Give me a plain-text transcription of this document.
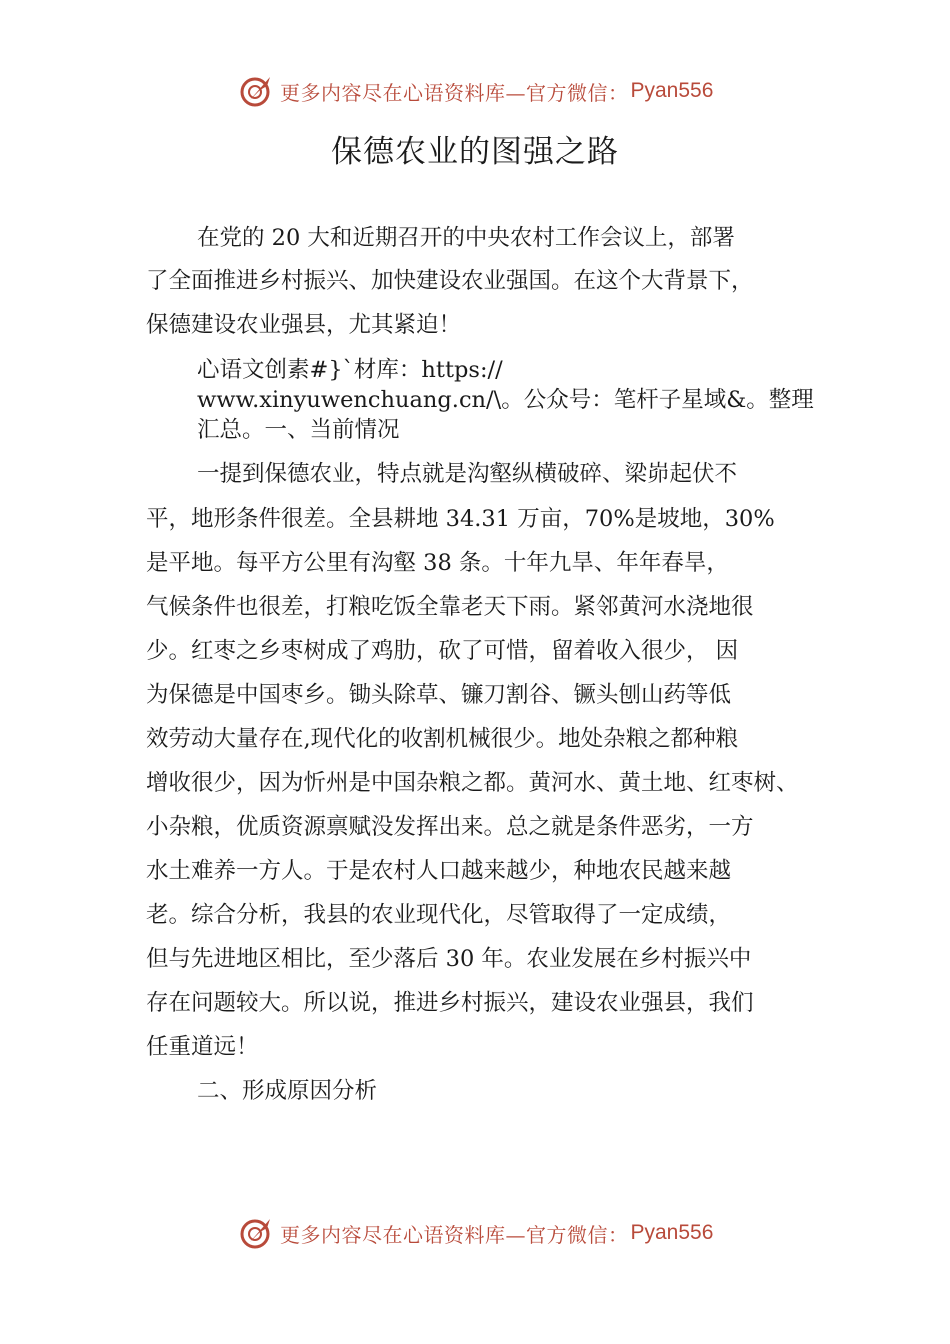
更多内容尽在心语资料库—官方微信： Pyan556
保德农业的图强之路
在党的 20 大和近期召开的中央农村工作会议上，部署
了全面推进乡村振兴、加快建设农业强国。在这个大背景下，
保德建设农业强县，尤其紧迫！
心语文创素#}`材库：https://
www.xinyuwenchuang.cn/\。公众号：笔杆子星域&。整理
汇总。一、当前情况
一提到保德农业，特点就是沟壑纵横破碎、梁峁起伏不
平，地形条件很差。全县耕地 34.31 万亩，70%是坡地，30%
是平地。每平方公里有沟壑 38 条。十年九旱、年年春旱，
气候条件也很差，打粮吃饭全靠老天下雨。紧邻黄河水浇地很
少。红枣之乡枣树成了鸡肋，砍了可惜，留着收入很少， 因
为保德是中国枣乡。锄头除草、镰刀割谷、镢头刨山药等低
效劳动大量存在,现代化的收割机械很少。地处杂粮之都种粮
增收很少，因为忻州是中国杂粮之都。黄河水、黄土地、红枣树、
小杂粮，优质资源禀赋没发挥出来。总之就是条件恶劣，一方
水土难养一方人。于是农村人口越来越少，种地农民越来越
老。综合分析，我县的农业现代化，尽管取得了一定成绩，
但与先进地区相比，至少落后 30 年。农业发展在乡村振兴中
存在问题较大。所以说，推进乡村振兴，建设农业强县，我们
任重道远！
二、形成原因分析
更多内容尽在心语资料库—官方微信： Pyan556
